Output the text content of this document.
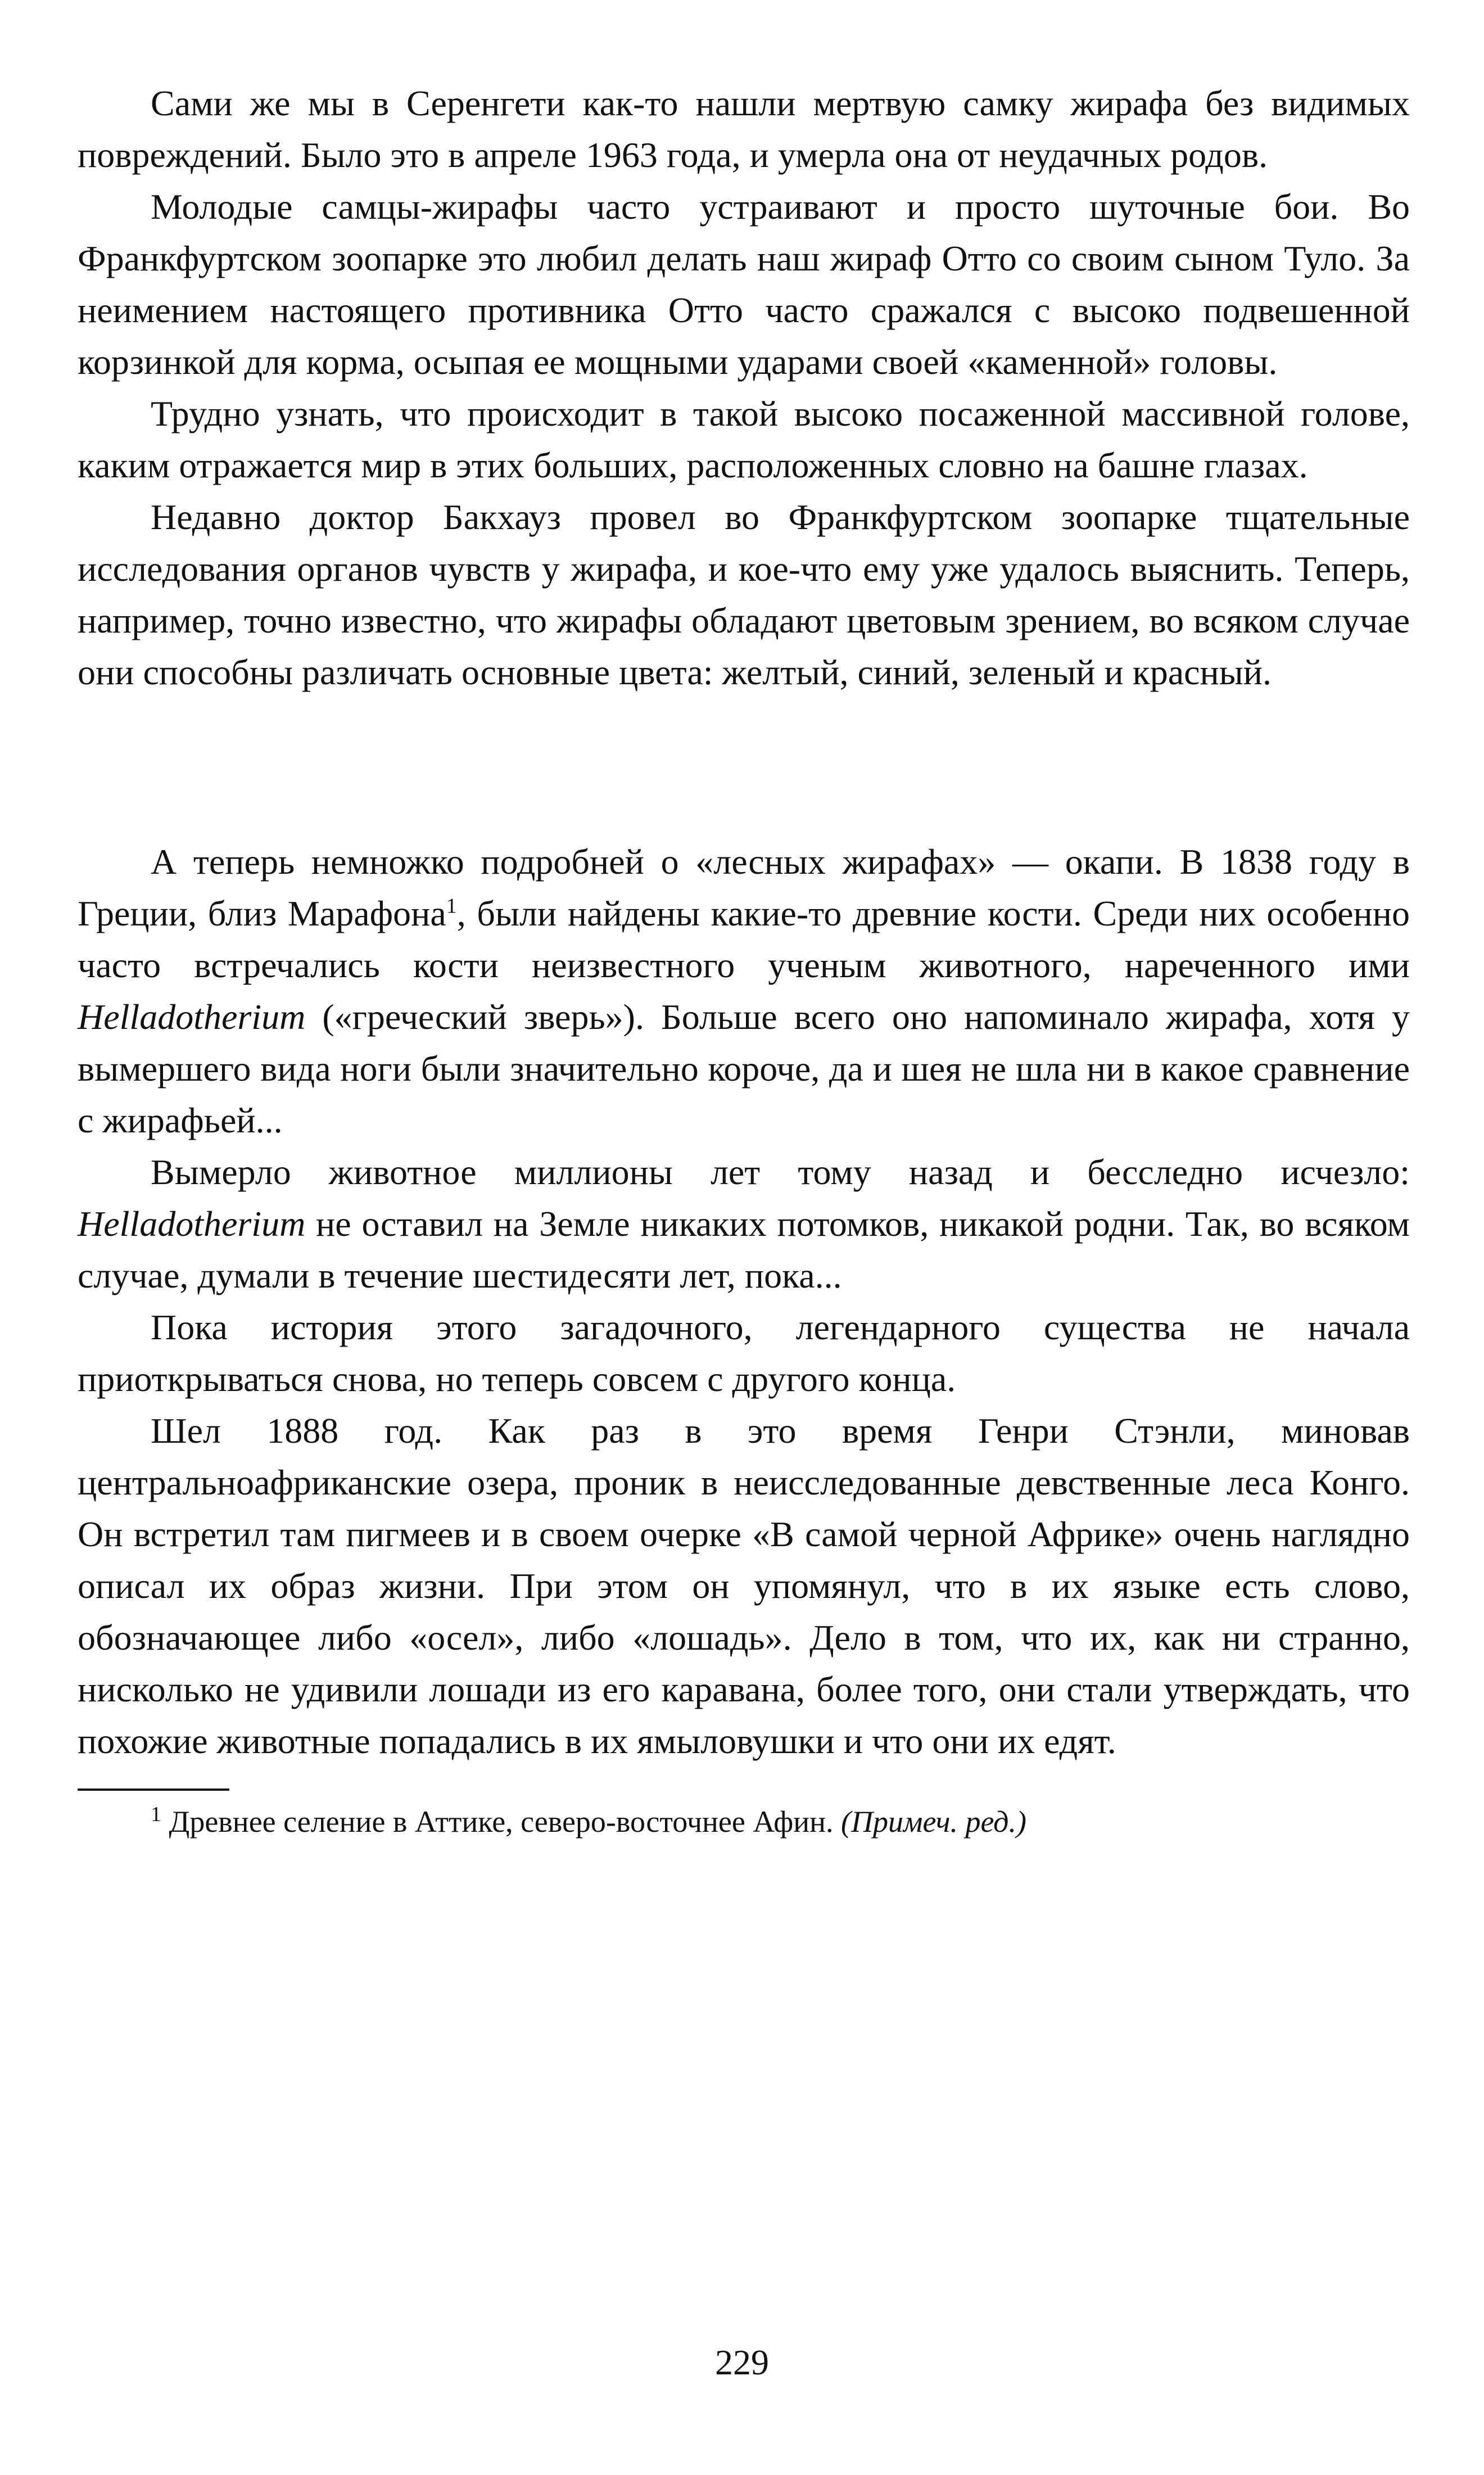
Сами же мы в Серенгети как-то нашли мертвую самку жирафа без видимых повреждений. Было это в апреле 1963 года, и умерла она от неудачных родов.

Молодые самцы-жирафы часто устраивают и просто шуточные бои. Во Франкфуртском зоопарке это любил делать наш жираф Отто со своим сыном Туло. За неимением настоящего противника Отто часто сражался с высоко подвешенной корзинкой для корма, осыпая ее мощными ударами своей «каменной» головы.

Трудно узнать, что происходит в такой высоко посаженной массивной голове, каким отражается мир в этих больших, расположенных словно на башне глазах.

Недавно доктор Бакхауз провел во Франкфуртском зоопарке тщательные исследования органов чувств у жирафа, и кое-что ему уже удалось выяснить. Теперь, например, точно известно, что жирафы обладают цветовым зрением, во всяком случае они способны различать основные цвета: желтый, синий, зеленый и красный.

А теперь немножко подробней о «лесных жирафах» — окапи. В 1838 году в Греции, близ Марафона$^1$, были найдены какие-то древние кости. Среди них особенно часто встречались кости неизвестного ученым животного, нареченного ими Helladotherium («греческий зверь»). Больше всего оно напоминало жирафа, хотя у вымершего вида ноги были значительно короче, да и шея не шла ни в какое сравнение с жирафьей...

Вымерло животное миллионы лет тому назад и бесследно исчезло: Helladotherium не оставил на Земле никаких потомков, никакой родни. Так, во всяком случае, думали в течение шестидесяти лет, пока...

Пока история этого загадочного, легендарного существа не начала приоткрываться снова, но теперь совсем с другого конца.

Шел 1888 год. Как раз в это время Генри Стэнли, миновав центральноафриканские озера, проник в неисследованные девственные леса Конго. Он встретил там пигмеев и в своем очерке «В самой черной Африке» очень наглядно описал их образ жизни. При этом он упомянул, что в их языке есть слово, обозначающее либо «осел», либо «лошадь». Дело в том, что их, как ни странно, нисколько не удивили лошади из его каравана, более того, они стали утверждать, что похожие животные попадались в их ямыловушки и что они их едят.

$^1$ Древнее селение в Аттике, северо-восточнее Афин. (Примеч. ред.)

229
